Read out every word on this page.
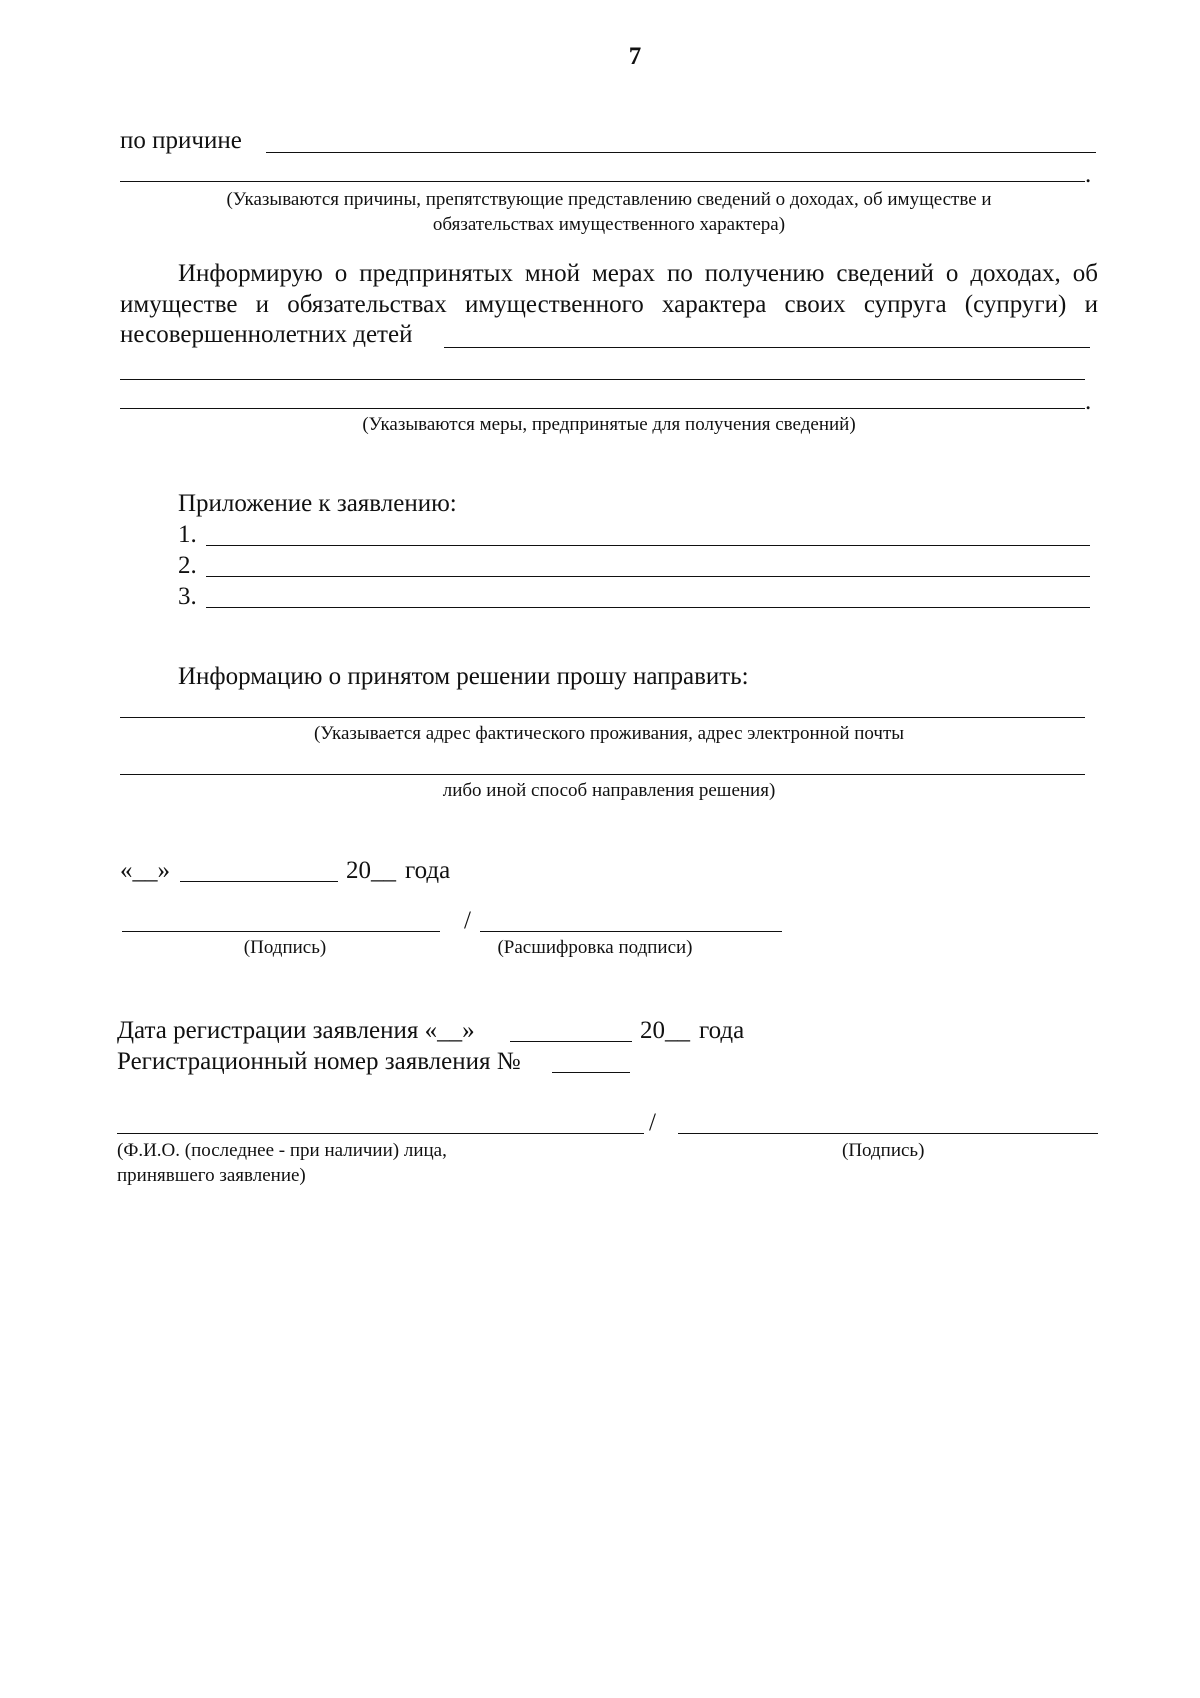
7
по причине
.
(Указываются причины, препятствующие представлению сведений о доходах, об имуществе и
обязательствах имущественного характера)
Информирую о предпринятых мной мерах по получению сведений о доходах, об
имуществе и обязательствах имущественного характера своих супруга (супруги) и
несовершеннолетних детей
.
(Указываются меры, предпринятые для получения сведений)
Приложение к заявлению:
1.
2.
3.
Информацию о принятом решении прошу направить:
(Указывается адрес фактического проживания, адрес электронной почты
либо иной способ направления решения)
«__»	20__ года
/
(Подпись)	(Расшифровка подписи)
Дата регистрации заявления «__»	20__ года
Регистрационный номер заявления №
/
(Ф.И.О. (последнее - при наличии) лица,
принявшего заявление)
(Подпись)
